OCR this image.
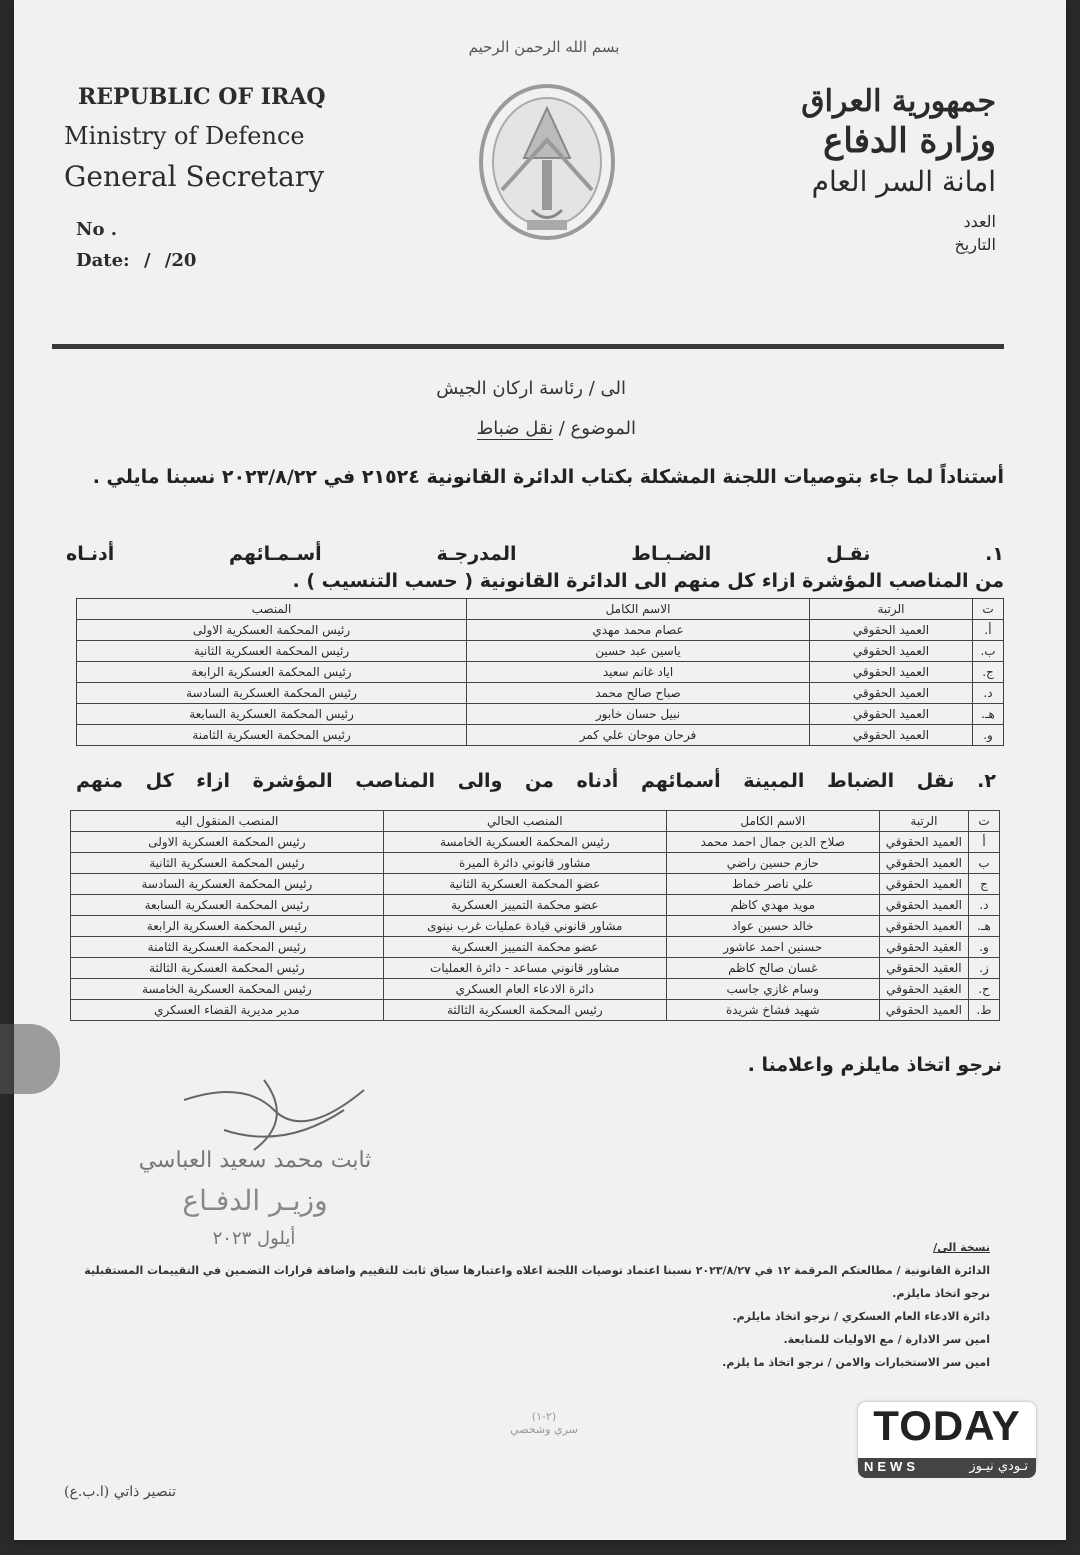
بسم الله الرحمن الرحيم
REPUBLIC OF IRAQ
Ministry of Defence
General Secretary
No .
Date: / /20
جمهورية العراق
وزارة الدفاع
امانة السر العام
العدد
التاريخ
الى / رئاسة اركان الجيش
الموضوع / نقل ضباط
أستناداً لما جاء بتوصيات اللجنة المشكلة بكتاب الدائرة القانونية ٢١٥٢٤ في ٢٠٢٣/٨/٢٢ نسبنا مايلي .
١. نقـل الضـبـاط المدرجـة أسـمـائهم أدنـاه
من المناصب المؤشرة ازاء كل منهم الى الدائرة القانونية ( حسب التنسيب ) .
ت	الرتبة	الاسم الكامل	المنصب
أ.	العميد الحقوقي	عصام محمد مهدي	رئيس المحكمة العسكرية الاولى
ب.	العميد الحقوقي	ياسين عبد حسين	رئيس المحكمة العسكرية الثانية
ج.	العميد الحقوقي	اياد غانم سعيد	رئيس المحكمة العسكرية الرابعة
د.	العميد الحقوقي	صباح صالح محمد	رئيس المحكمة العسكرية السادسة
هـ.	العميد الحقوقي	نبيل حسان خابور	رئيس المحكمة العسكرية السابعة
و.	العميد الحقوقي	فرحان موحان علي كمر	رئيس المحكمة العسكرية الثامنة
٢. نقل الضباط المبينة أسمائهم أدناه من والى المناصب المؤشرة ازاء كل منهم
ت	الرتبة	الاسم الكامل	المنصب الحالي	المنصب المنقول اليه
أ	العميد الحقوقي	صلاح الدين جمال احمد محمد	رئيس المحكمة العسكرية الخامسة	رئيس المحكمة العسكرية الاولى
ب	العميد الحقوقي	حازم حسين راضي	مشاور قانوني دائرة الميرة	رئيس المحكمة العسكرية الثانية
ج	العميد الحقوقي	علي ناصر خماط	عضو المحكمة العسكرية الثانية	رئيس المحكمة العسكرية السادسة
د.	العميد الحقوقي	مويد مهدي كاظم	عضو محكمة التمييز العسكرية	رئيس المحكمة العسكرية السابعة
هـ.	العميد الحقوقي	خالد حسين عواد	مشاور قانوني قيادة عمليات غرب نينوى	رئيس المحكمة العسكرية الرابعة
و.	العقيد الحقوقي	حسنين احمد عاشور	عضو محكمة التمييز العسكرية	رئيس المحكمة العسكرية الثامنة
ز.	العقيد الحقوقي	غسان صالح كاظم	مشاور قانوني مساعد - دائرة العمليات	رئيس المحكمة العسكرية الثالثة
ح.	العقيد الحقوقي	وسام غازي جاسب	دائرة الادعاء العام العسكري	رئيس المحكمة العسكرية الخامسة
ط.	العميد الحقوقي	شهيد فشاخ شريدة	رئيس المحكمة العسكرية الثالثة	مدير مديرية القضاء العسكري
نرجو اتخاذ مايلزم واعلامنا .
ثابت محمد سعيد العباسي
وزيـر الدفـاع
أيلول ٢٠٢٣	نسخة الى/
الدائرة القانونية / مطالعتكم المرقمة ١٢ في ٢٠٢٣/٨/٢٧ نسبنا اعتماد توصيات اللجنة اعلاه واعتبارها سياق ثابت للتقييم واضافة قرارات التضمين في التقييمات المستقبلية
نرجو اتخاذ مايلزم.
دائرة الادعاء العام العسكري / نرجو اتخاذ مايلزم.
امين سر الادارة / مع الاوليات للمتابعة.
امين سر الاستخبارات والامن / نرجو اتخاذ ما يلزم.
(٢-١)
سري وشخصي
تنصير ذاتي (ا.ب.ع)
TODAY
NEWS	تـودي نيـوز
